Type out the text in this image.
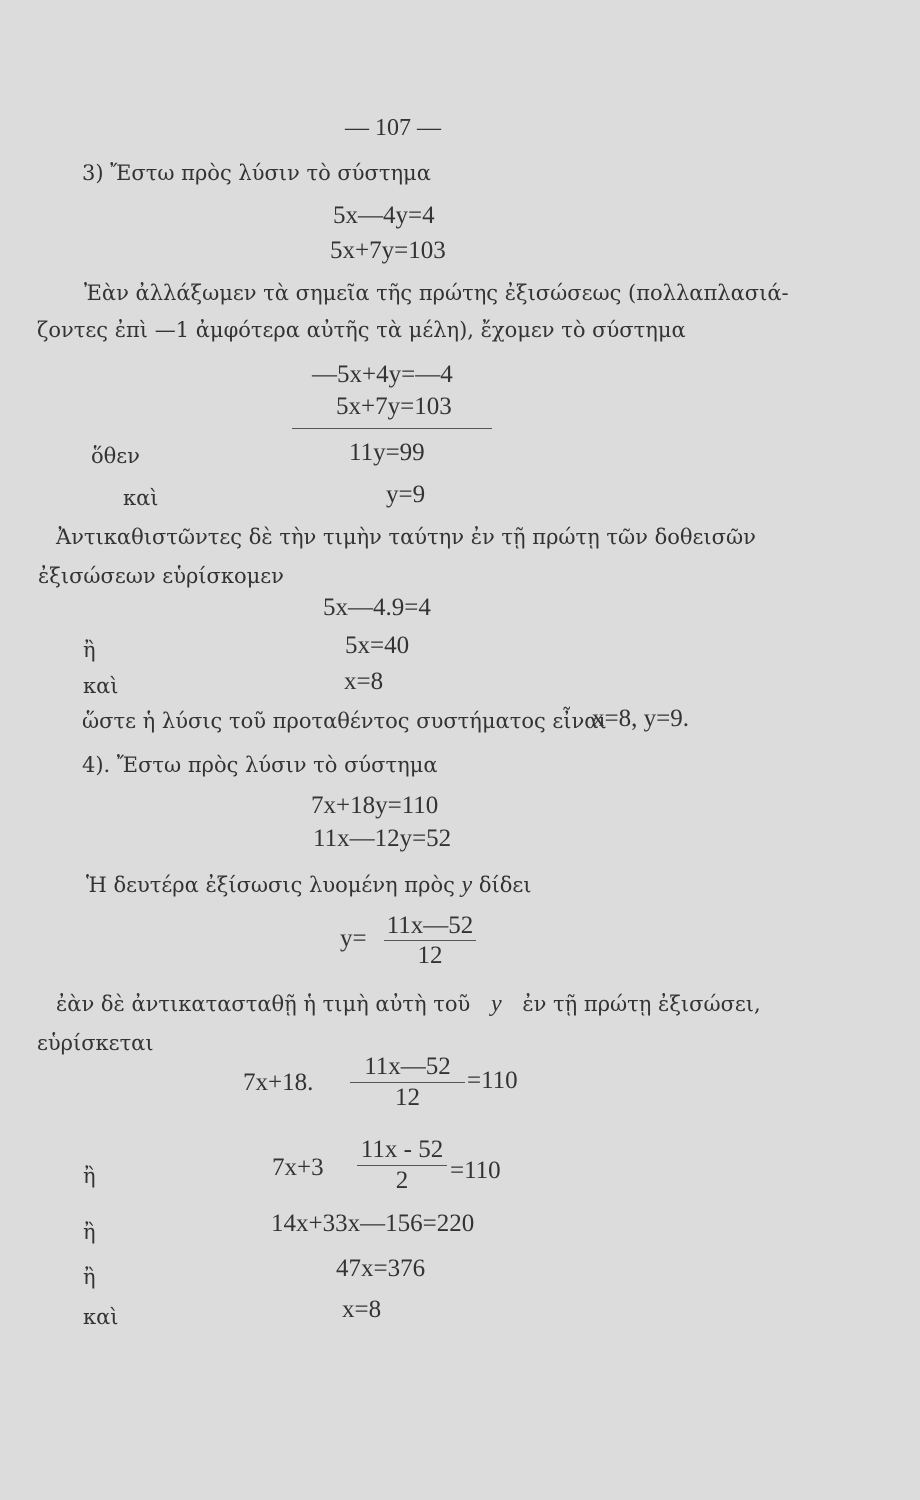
— 107 —
3) Ἔστω πρὸς λύσιν τὸ σύστημα
5x—4y=4
5x+7y=103
Ἐὰν ἀλλάξωμεν τὰ σημεῖα τῆς πρώτης ἐξισώσεως (πολλαπλασιά-
ζοντες ἐπὶ —1 ἀμφότερα αὐτῆς τὰ μέλη), ἔχομεν τὸ σύστημα
—5x+4y=—4
5x+7y=103
ὅθεν	11y=99
καὶ	y=9
Ἀντικαθιστῶντες δὲ τὴν τιμὴν ταύτην ἐν τῇ πρώτῃ τῶν δοθεισῶν
ἐξισώσεων εὑρίσκομεν
5x—4.9=4
ἢ	5x=40
καὶ	x=8
ὥστε ἡ λύσις τοῦ προταθέντος συστήματος εἶναι
x=8, y=9.
4). Ἔστω πρὸς λύσιν τὸ σύστημα
7x+18y=110
11x—12y=52
Ἡ δευτέρα ἐξίσωσις λυομένη πρὸς y δίδει
y= 11x—52
12
ἐὰν δὲ ἀντικατασταθῇ ἡ τιμὴ αὐτὴ τοῦ y ἐν τῇ πρώτῃ ἐξισώσει,
εὑρίσκεται
7x+18.
11x—52
12
=110
ἢ	7x+3
11x - 52
2	=110
ἢ	14x+33x—156=220
ἢ	47x=376
καὶ	x=8
